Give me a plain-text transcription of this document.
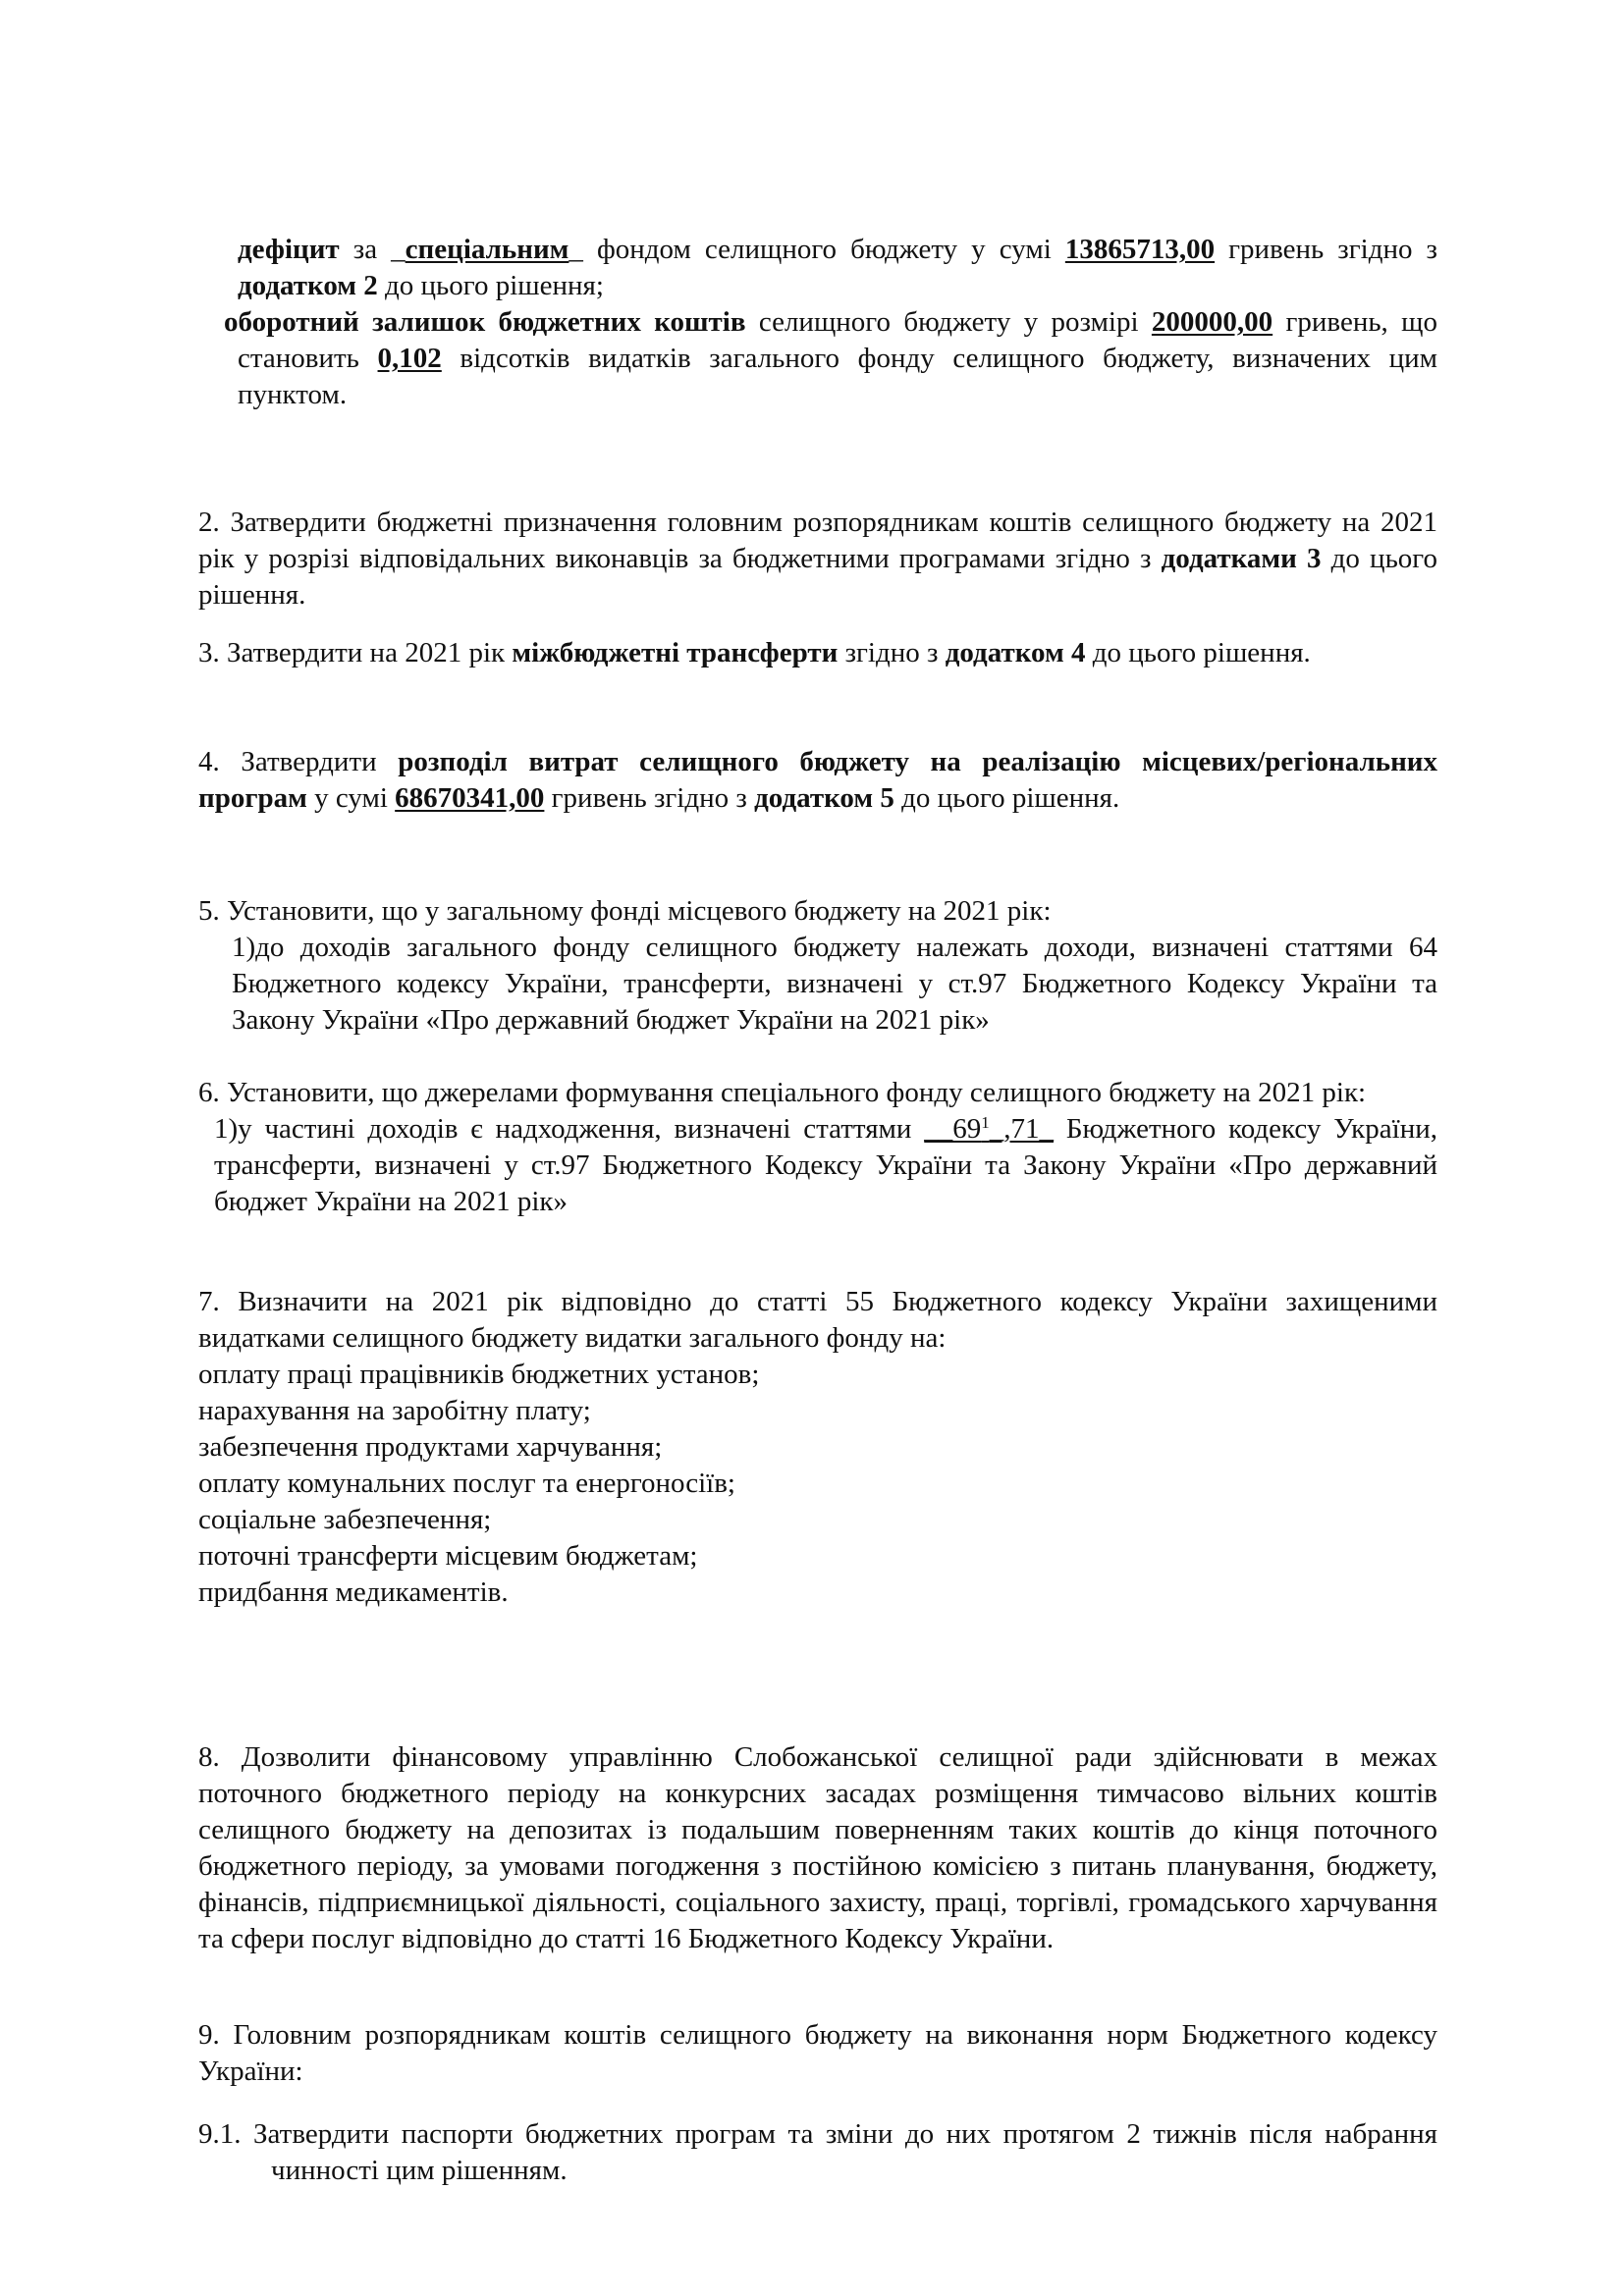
дефіцит за _спеціальним_ фондом селищного бюджету у сумі 13865713,00 гривень згідно з додатком 2 до цього рішення;

оборотний залишок бюджетних коштів селищного бюджету у розмірі 200000,00 гривень, що становить 0,102 відсотків видатків загального фонду селищного бюджету, визначених цим пунктом.

2. Затвердити бюджетні призначення головним розпорядникам коштів селищного бюджету на 2021 рік у розрізі відповідальних виконавців за бюджетними програмами згідно з додатками 3 до цього рішення.

3. Затвердити на 2021 рік міжбюджетні трансферти згідно з додатком 4 до цього рішення.

4. Затвердити розподіл витрат селищного бюджету на реалізацію місцевих/регіональних програм у сумі 68670341,00 гривень згідно з додатком 5 до цього рішення.

5. Установити, що у загальному фонді місцевого бюджету на 2021 рік:
1)до доходів загального фонду селищного бюджету належать доходи, визначені статтями 64 Бюджетного кодексу України, трансферти, визначені у ст.97 Бюджетного Кодексу України та Закону України «Про державний бюджет України на 2021 рік»
6. Установити, що джерелами формування спеціального фонду селищного бюджету на 2021 рік:
1)у частині доходів є надходження, визначені статтями $\_\_69^1\_,71\_$ Бюджетного кодексу України, трансферти, визначені у ст.97 Бюджетного Кодексу України та Закону України «Про державний бюджет України на 2021 рік»
7. Визначити на 2021 рік відповідно до статті 55 Бюджетного кодексу України захищеними видатками селищного бюджету видатки загального фонду на:
оплату праці працівників бюджетних установ;
нарахування на заробітну плату;
забезпечення продуктами харчування;
оплату комунальних послуг та енергоносіїв;
соціальне забезпечення;
поточні трансферти місцевим бюджетам;
придбання медикаментів.

8. Дозволити фінансовому управлінню Слобожанської селищної ради здійснювати в межах поточного бюджетного періоду на конкурсних засадах розміщення тимчасово вільних коштів селищного бюджету на депозитах із подальшим поверненням таких коштів до кінця поточного бюджетного періоду, за умовами погодження з постійною комісією з питань планування, бюджету, фінансів, підприємницької діяльності, соціального захисту, праці, торгівлі, громадського харчування та сфери послуг відповідно до статті 16 Бюджетного Кодексу України.

9. Головним розпорядникам коштів селищного бюджету на виконання норм Бюджетного кодексу України:

9.1. Затвердити паспорти бюджетних програм та зміни до них протягом 2 тижнів після набрання чинності цим рішенням.
